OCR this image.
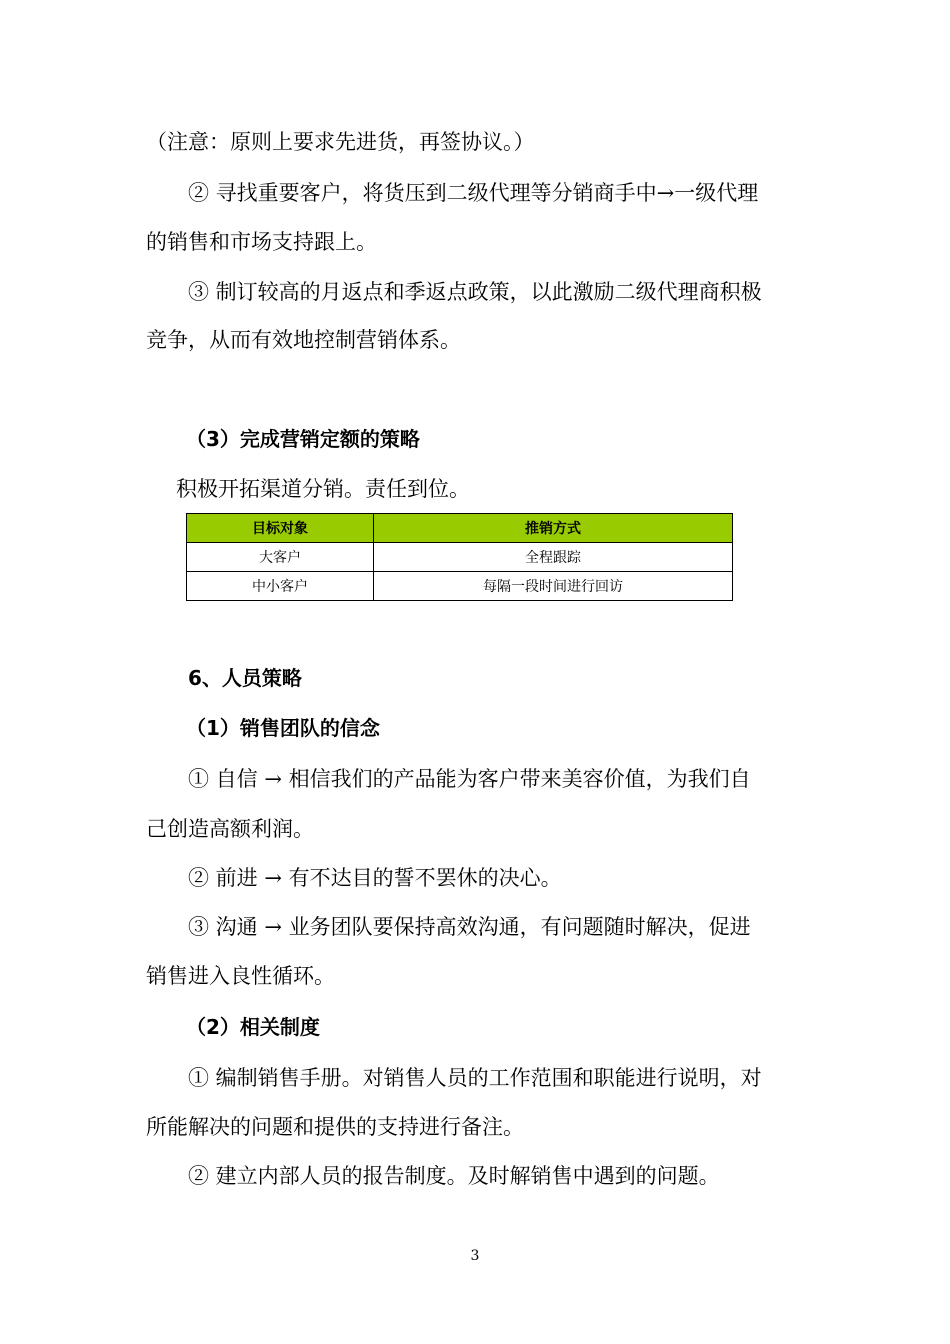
（注意：原则上要求先进货，再签协议。）
② 寻找重要客户，将货压到二级代理等分销商手中→一级代理
的销售和市场支持跟上。
③ 制订较高的月返点和季返点政策，以此激励二级代理商积极
竞争，从而有效地控制营销体系。
（3）完成营销定额的策略
积极开拓渠道分销。责任到位。
目标对象	推销方式
大客户	全程跟踪
中小客户	每隔一段时间进行回访
6、人员策略
（1）销售团队的信念
① 自信 → 相信我们的产品能为客户带来美容价值，为我们自
己创造高额利润。
② 前进 → 有不达目的誓不罢休的决心。
③ 沟通 → 业务团队要保持高效沟通，有问题随时解决，促进
销售进入良性循环。
（2）相关制度
① 编制销售手册。对销售人员的工作范围和职能进行说明，对
所能解决的问题和提供的支持进行备注。
② 建立内部人员的报告制度。及时解销售中遇到的问题。
3
